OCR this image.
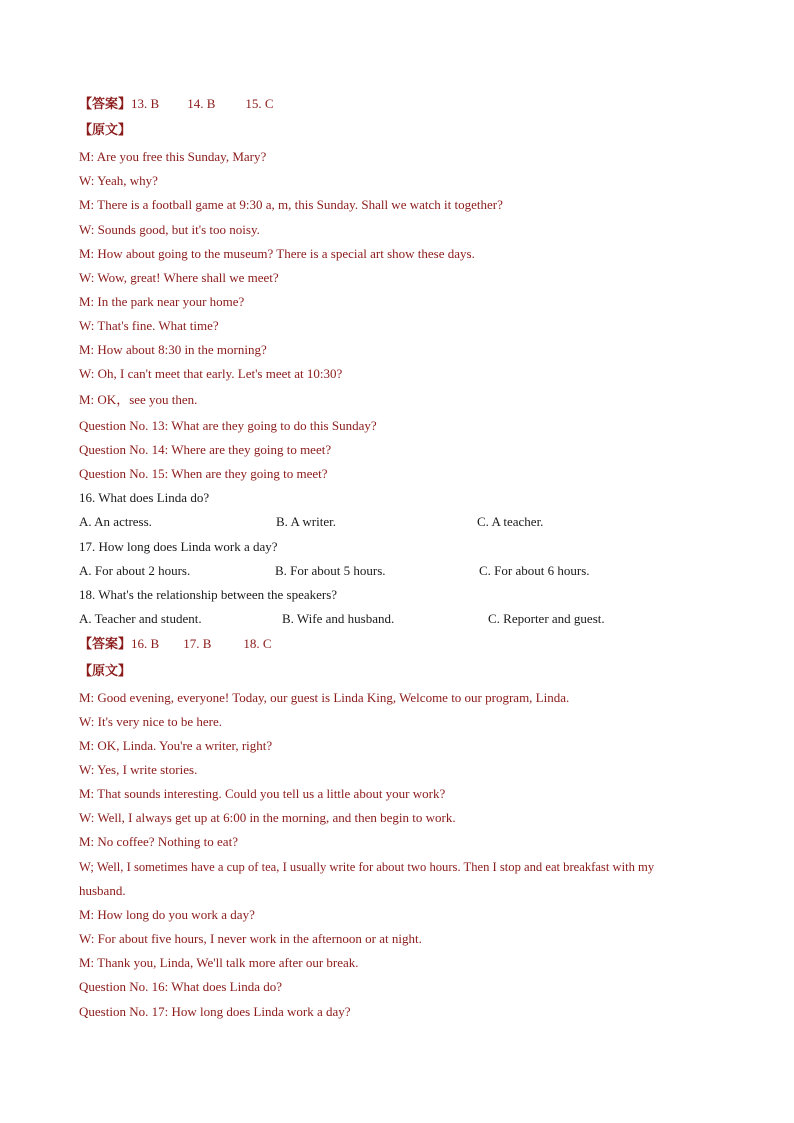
【答案】13. B 14. B 15. C
【原文】
M: Are you free this Sunday, Mary?
W: Yeah, why?
M: There is a football game at 9:30 a, m, this Sunday. Shall we watch it together?
W: Sounds good, but it's too noisy.
M: How about going to the museum? There is a special art show these days.
W: Wow, great! Where shall we meet?
M: In the park near your home?
W: That's fine. What time?
M: How about 8:30 in the morning?
W: Oh, I can't meet that early. Let's meet at 10:30?
M: OK，see you then.
Question No. 13: What are they going to do this Sunday?
Question No. 14: Where are they going to meet?
Question No. 15: When are they going to meet?
16. What does Linda do?
A. An actress.	B. A writer.	C. A teacher.
17. How long does Linda work a day?
A. For about 2 hours.	B. For about 5 hours.	C. For about 6 hours.
18. What's the relationship between the speakers?
A. Teacher and student.	B. Wife and husband.	C. Reporter and guest.
【答案】16. B 17. B 18. C
【原文】
M: Good evening, everyone! Today, our guest is Linda King, Welcome to our program, Linda.
W: It's very nice to be here.
M: OK, Linda. You're a writer, right?
W: Yes, I write stories.
M: That sounds interesting. Could you tell us a little about your work?
W: Well, I always get up at 6:00 in the morning, and then begin to work.
M: No coffee? Nothing to eat?
W; Well, I sometimes have a cup of tea, I usually write for about two hours. Then I stop and eat breakfast with my
husband.
M: How long do you work a day?
W: For about five hours, I never work in the afternoon or at night.
M: Thank you, Linda, We'll talk more after our break.
Question No. 16: What does Linda do?
Question No. 17: How long does Linda work a day?
